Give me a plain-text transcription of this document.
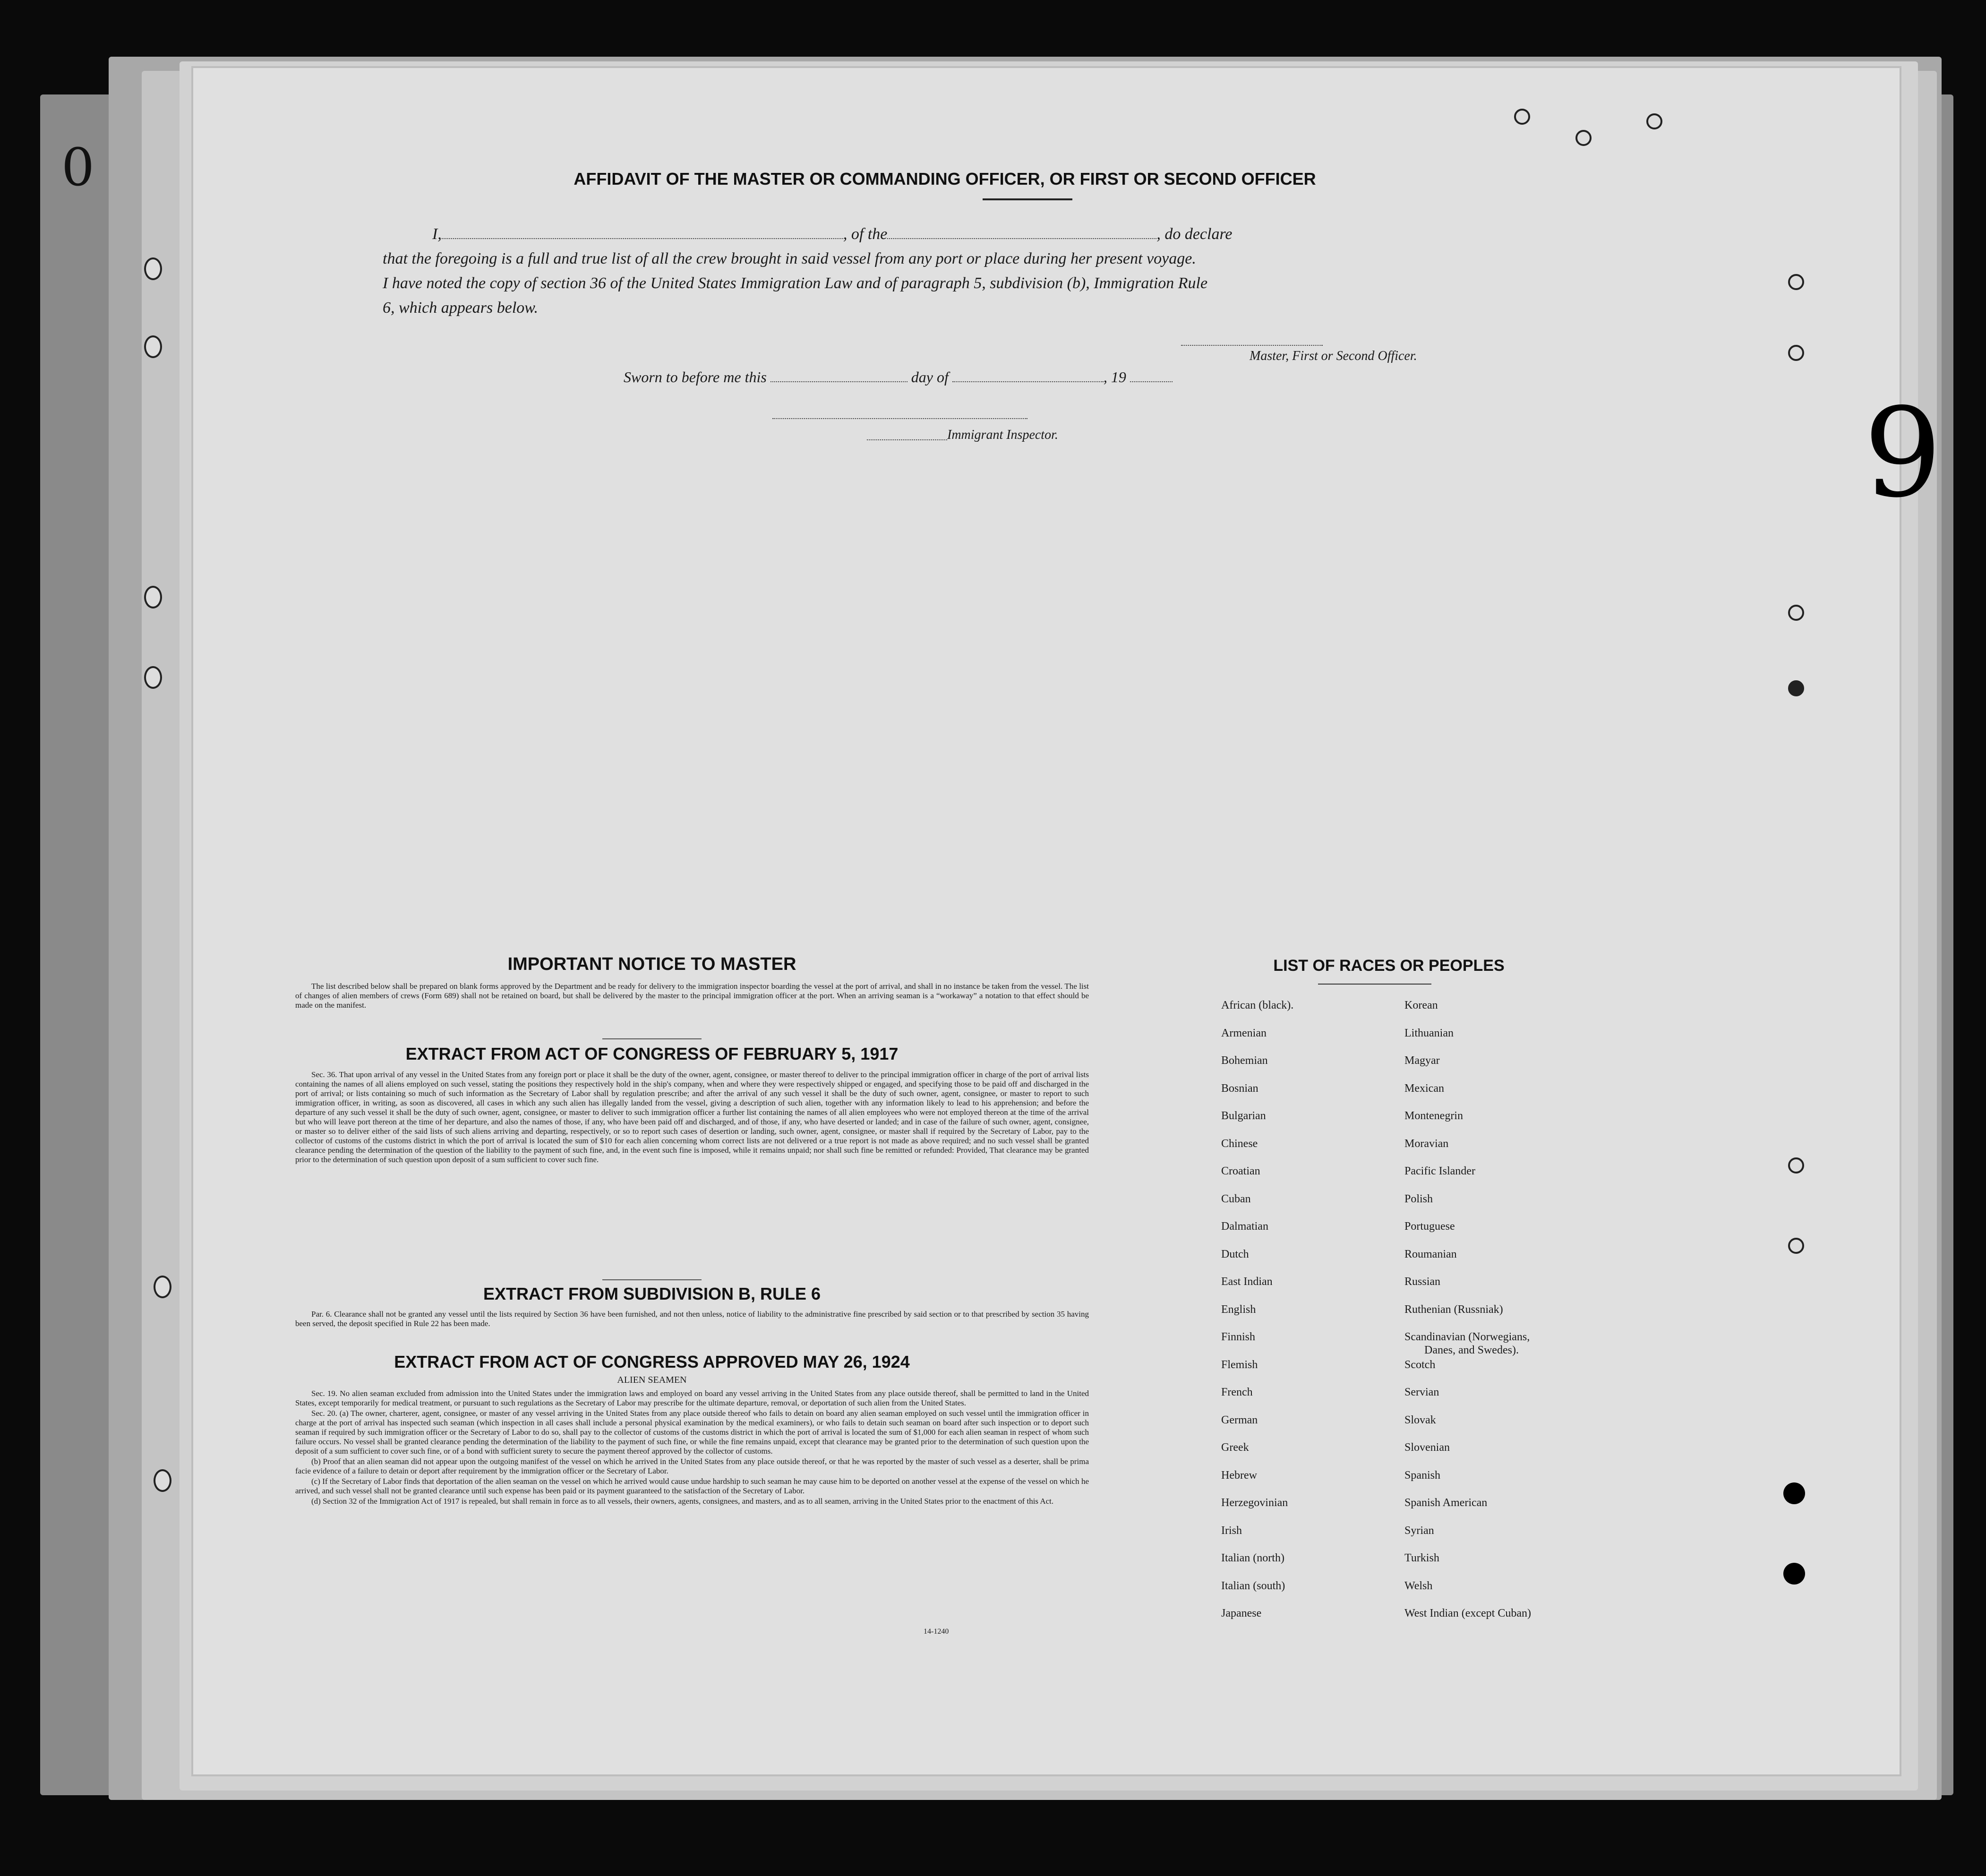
0	AFFIDAVIT OF THE MASTER OR COMMANDING OFFICER, OR FIRST OR SECOND OFFICER

I,	, of the	, do declare

that the foregoing is a full and true list of all the crew brought in said vessel from any port or place during her present voyage.

I have noted the copy of section 36 of the United States Immigration Law and of paragraph 5, subdivision (b), Immigration Rule

6, which appears below.

Master, First or Second Officer.
Sworn to before me this	day of	, 19
Immigrant Inspector.
IMPORTANT NOTICE TO MASTER

The list described below shall be prepared on blank forms approved by the Department and be ready for delivery to the immigration inspector boarding the vessel at the port of arrival, and shall in no instance be taken from the vessel. The list of changes of alien members of crews (Form 689) shall not be retained on board, but shall be delivered by the master to the principal immigration officer at the port. When an arriving seaman is a “workaway” a notation to that effect should be made on the manifest.

EXTRACT FROM ACT OF CONGRESS OF FEBRUARY 5, 1917

Sec. 36. That upon arrival of any vessel in the United States from any foreign port or place it shall be the duty of the owner, agent, consignee, or master thereof to deliver to the principal immigration officer in charge of the port of arrival lists containing the names of all aliens employed on such vessel, stating the positions they respectively hold in the ship's company, when and where they were respectively shipped or engaged, and specifying those to be paid off and discharged in the port of arrival; or lists containing so much of such information as the Secretary of Labor shall by regulation prescribe; and after the arrival of any such vessel it shall be the duty of such owner, agent, consignee, or master to report to such immigration officer, in writing, as soon as discovered, all cases in which any such alien has illegally landed from the vessel, giving a description of such alien, together with any information likely to lead to his apprehension; and before the departure of any such vessel it shall be the duty of such owner, agent, consignee, or master to deliver to such immigration officer a further list containing the names of all alien employees who were not employed thereon at the time of the arrival but who will leave port thereon at the time of her departure, and also the names of those, if any, who have been paid off and discharged, and of those, if any, who have deserted or landed; and in case of the failure of such owner, agent, consignee, or master so to deliver either of the said lists of such aliens arriving and departing, respectively, or so to report such cases of desertion or landing, such owner, agent, consignee, or master shall if required by the Secretary of Labor, pay to the collector of customs of the customs district in which the port of arrival is located the sum of $10 for each alien concerning whom correct lists are not delivered or a true report is not made as above required; and no such vessel shall be granted clearance pending the determination of the question of the liability to the payment of such fine, and, in the event such fine is imposed, while it remains unpaid; nor shall such fine be remitted or refunded: Provided, That clearance may be granted prior to the determination of such question upon deposit of a sum sufficient to cover such fine.

EXTRACT FROM SUBDIVISION B, RULE 6

Par. 6. Clearance shall not be granted any vessel until the lists required by Section 36 have been furnished, and not then unless, notice of liability to the administrative fine prescribed by said section or to that prescribed by section 35 having been served, the deposit specified in Rule 22 has been made.

EXTRACT FROM ACT OF CONGRESS APPROVED MAY 26, 1924
ALIEN SEAMEN

Sec. 19. No alien seaman excluded from admission into the United States under the immigration laws and employed on board any vessel arriving in the United States from any place outside thereof, shall be permitted to land in the United States, except temporarily for medical treatment, or pursuant to such regulations as the Secretary of Labor may prescribe for the ultimate departure, removal, or deportation of such alien from the United States.

Sec. 20. (a) The owner, charterer, agent, consignee, or master of any vessel arriving in the United States from any place outside thereof who fails to detain on board any alien seaman employed on such vessel until the immigration officer in charge at the port of arrival has inspected such seaman (which inspection in all cases shall include a personal physical examination by the medical examiners), or who fails to detain such seaman on board after such inspection or to deport such seaman if required by such immigration officer or the Secretary of Labor to do so, shall pay to the collector of customs of the customs district in which the port of arrival is located the sum of $1,000 for each alien seaman in respect of whom such failure occurs. No vessel shall be granted clearance pending the determination of the liability to the payment of such fine, or while the fine remains unpaid, except that clearance may be granted prior to the determination of such question upon the deposit of a sum sufficient to cover such fine, or of a bond with sufficient surety to secure the payment thereof approved by the collector of customs.

(b) Proof that an alien seaman did not appear upon the outgoing manifest of the vessel on which he arrived in the United States from any place outside thereof, or that he was reported by the master of such vessel as a deserter, shall be prima facie evidence of a failure to detain or deport after requirement by the immigration officer or the Secretary of Labor.

(c) If the Secretary of Labor finds that deportation of the alien seaman on the vessel on which he arrived would cause undue hardship to such seaman he may cause him to be deported on another vessel at the expense of the vessel on which he arrived, and such vessel shall not be granted clearance until such expense has been paid or its payment guaranteed to the satisfaction of the Secretary of Labor.

(d) Section 32 of the Immigration Act of 1917 is repealed, but shall remain in force as to all vessels, their owners, agents, consignees, and masters, and as to all seamen, arriving in the United States prior to the enactment of this Act.

14-1240
LIST OF RACES OR PEOPLES
African (black).
Armenian
Bohemian
Bosnian
Bulgarian
Chinese
Croatian
Cuban
Dalmatian
Dutch
East Indian
English
Finnish
Flemish
French
German
Greek
Hebrew
Herzegovinian
Irish
Italian (north)
Italian (south)
Japanese
Korean
Lithuanian
Magyar
Mexican
Montenegrin
Moravian
Pacific Islander
Polish
Portuguese
Roumanian
Russian
Ruthenian (Russniak)
Scandinavian (Norwegians,
Scotch
Servian
Slovak
Slovenian
Spanish
Spanish American
Syrian
Turkish
Welsh
West Indian (except Cuban)
Danes, and Swedes).
9
